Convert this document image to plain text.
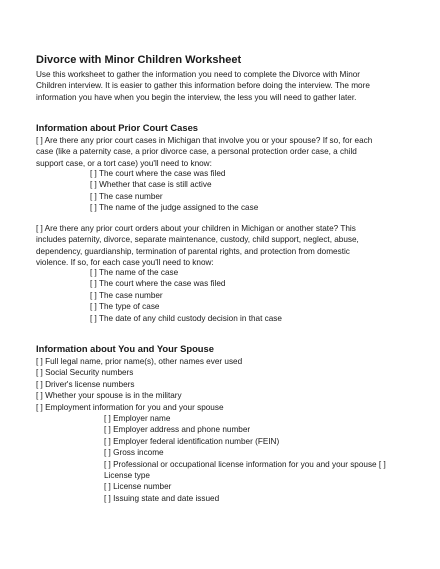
Divorce with Minor Children Worksheet

Use this worksheet to gather the information you need to complete the Divorce with Minor Children interview. It is easier to gather this information before doing the interview. The more information you have when you begin the interview, the less you will need to gather later.

Information about Prior Court Cases

[ ] Are there any prior court cases in Michigan that involve you or your spouse? If so, for each case (like a paternity case, a prior divorce case, a personal protection order case, a child support case, or a tort case) you'll need to know:

[ ] The court where the case was filed
[ ] Whether that case is still active
[ ] The case number
[ ] The name of the judge assigned to the case

[ ] Are there any prior court orders about your children in Michigan or another state? This includes paternity, divorce, separate maintenance, custody, child support, neglect, abuse, dependency, guardianship, termination of parental rights, and protection from domestic violence. If so, for each case you'll need to know:

[ ] The name of the case
[ ] The court where the case was filed
[ ] The case number
[ ] The type of case
[ ] The date of any child custody decision in that case
Information about You and Your Spouse
[ ] Full legal name, prior name(s), other names ever used
[ ] Social Security numbers
[ ] Driver's license numbers
[ ] Whether your spouse is in the military
[ ] Employment information for you and your spouse
[ ] Employer name
[ ] Employer address and phone number
[ ] Employer federal identification number (FEIN)
[ ] Gross income
[ ] Professional or occupational license information for you and your spouse [ ] License type
[ ] License number
[ ] Issuing state and date issued
